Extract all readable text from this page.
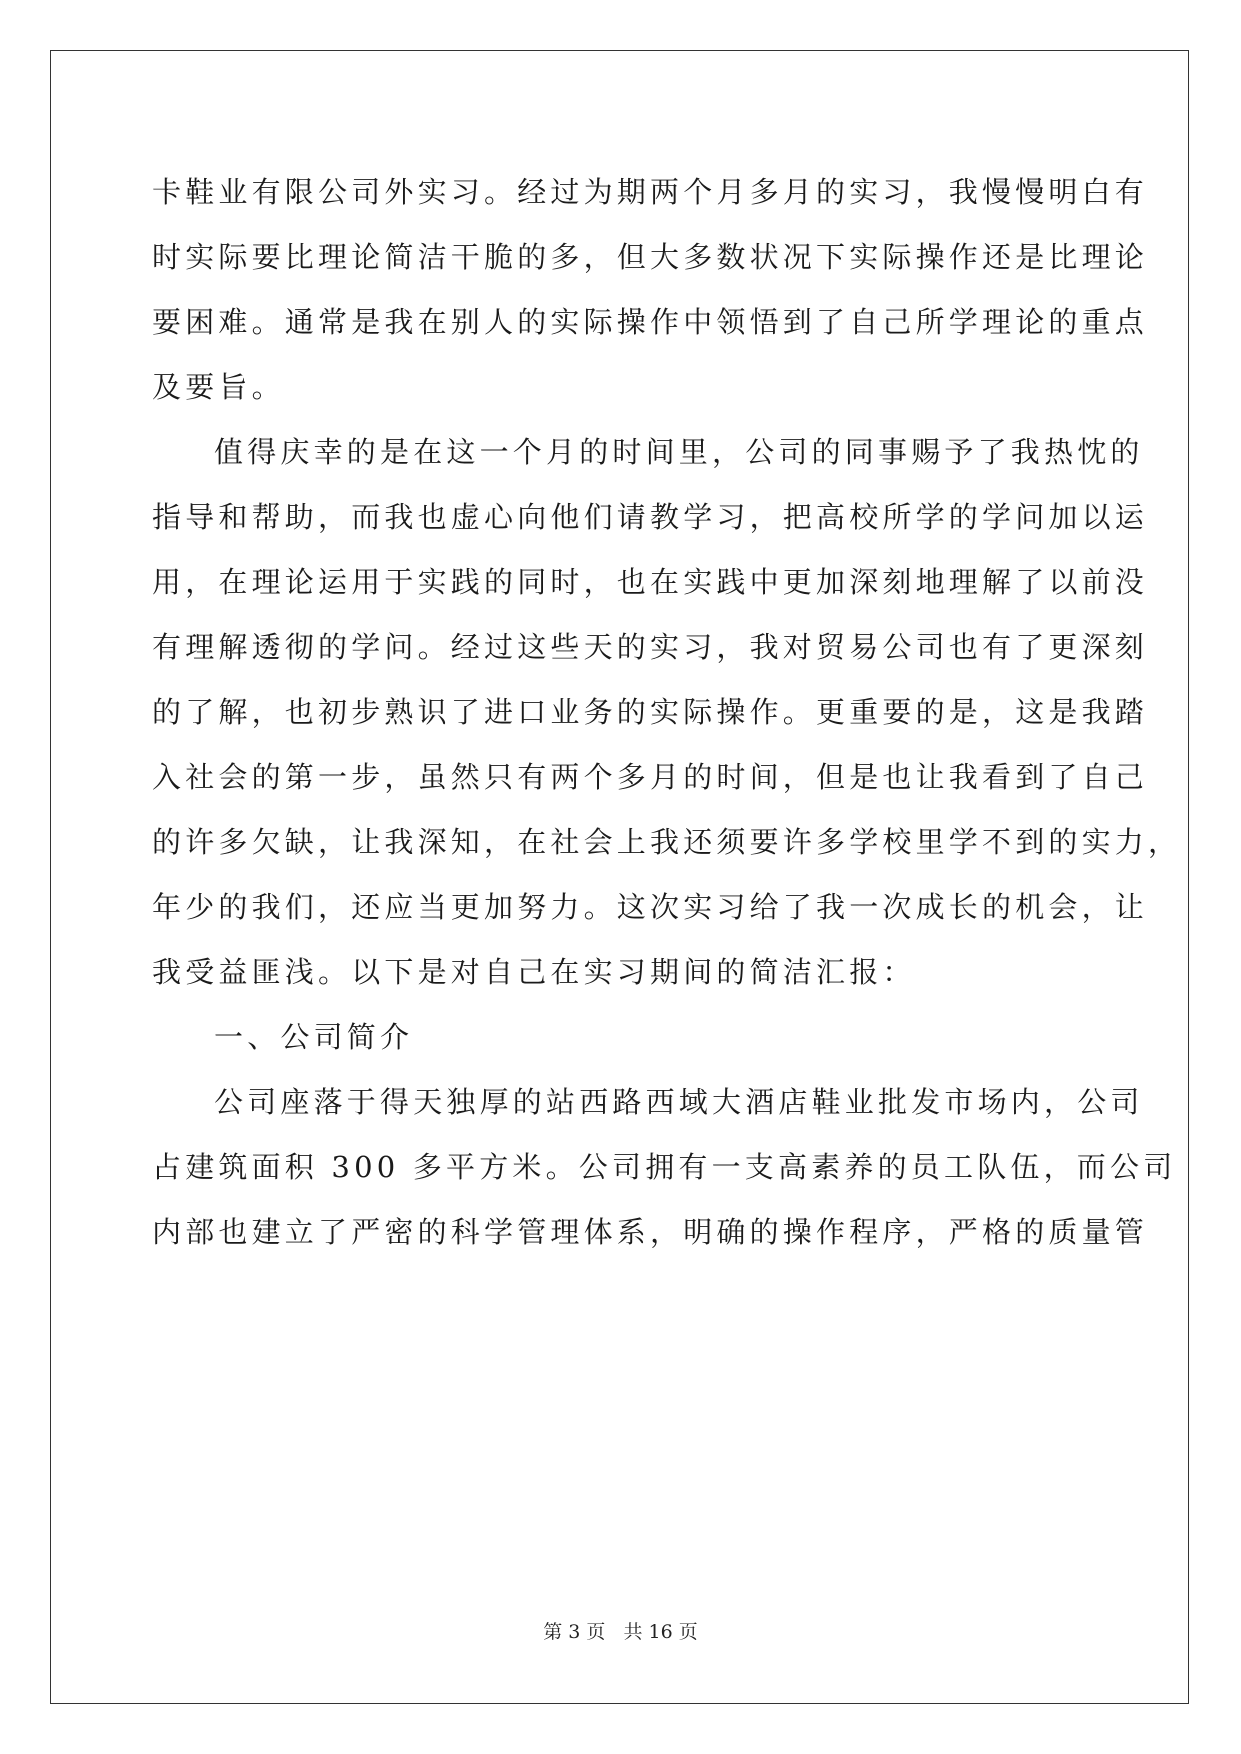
卡鞋业有限公司外实习。经过为期两个月多月的实习，我慢慢明白有
时实际要比理论简洁干脆的多，但大多数状况下实际操作还是比理论
要困难。通常是我在别人的实际操作中领悟到了自己所学理论的重点
及要旨。

值得庆幸的是在这一个月的时间里，公司的同事赐予了我热忱的
指导和帮助，而我也虚心向他们请教学习，把高校所学的学问加以运
用，在理论运用于实践的同时，也在实践中更加深刻地理解了以前没
有理解透彻的学问。经过这些天的实习，我对贸易公司也有了更深刻
的了解，也初步熟识了进口业务的实际操作。更重要的是，这是我踏
入社会的第一步，虽然只有两个多月的时间，但是也让我看到了自己
的许多欠缺，让我深知，在社会上我还须要许多学校里学不到的实力，
年少的我们，还应当更加努力。这次实习给了我一次成长的机会，让
我受益匪浅。以下是对自己在实习期间的简洁汇报：

一、公司简介

公司座落于得天独厚的站西路西域大酒店鞋业批发市场内，公司
占建筑面积 300 多平方米。公司拥有一支高素养的员工队伍，而公司
内部也建立了严密的科学管理体系，明确的操作程序，严格的质量管

第 3 页 共 16 页
